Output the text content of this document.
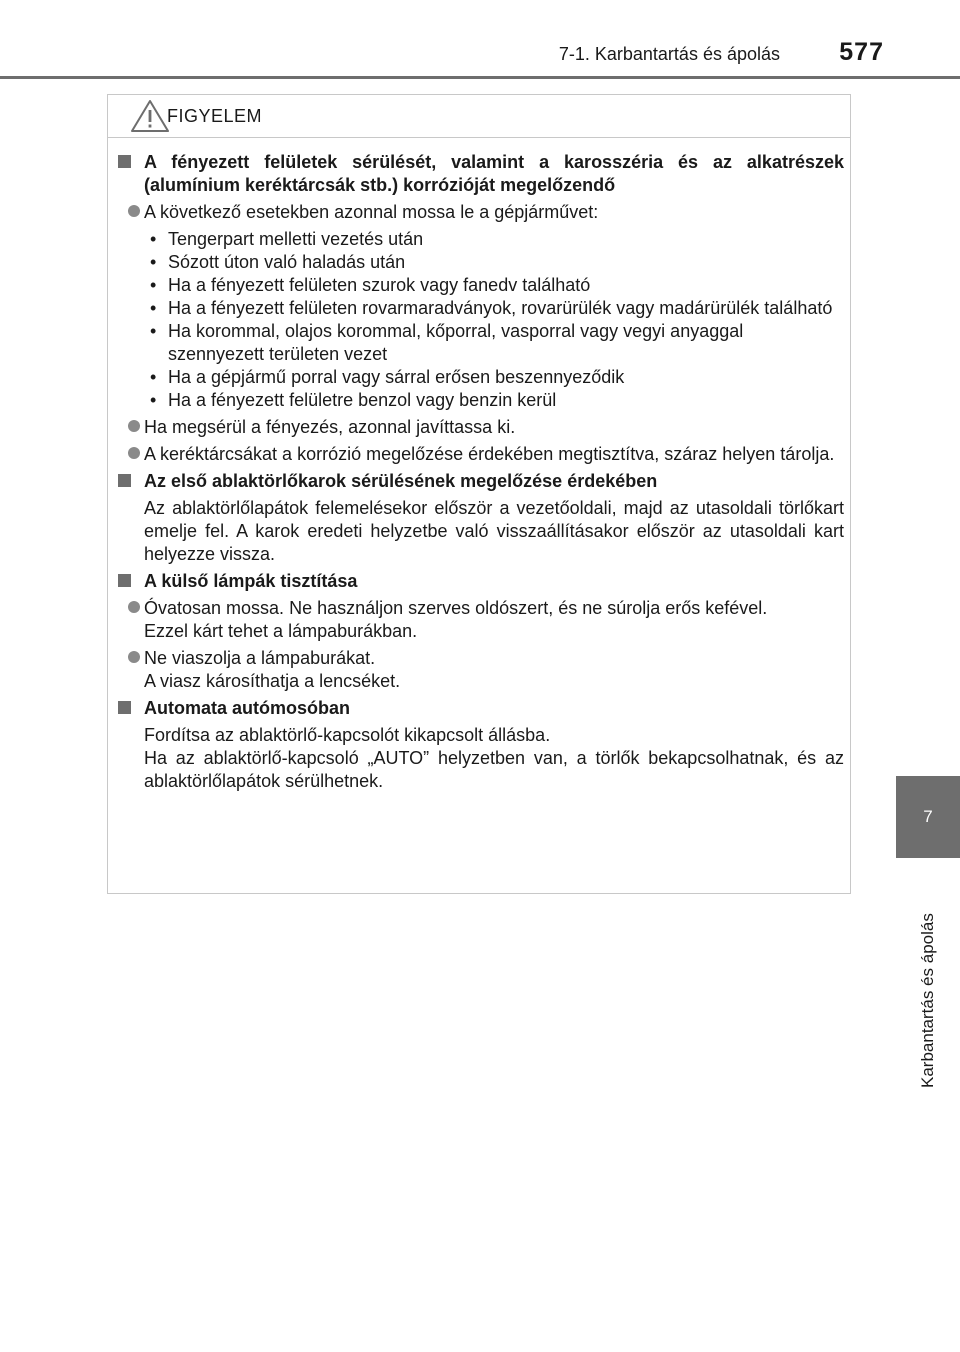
7-1. Karbantartás és ápolás 577
7
Karbantartás és ápolás
FIGYELEM
A fényezett felületek sérülését, valamint a karosszéria és az alkatrészek (alumínium keréktárcsák stb.) korrózióját megelőzendő
A következő esetekben azonnal mossa le a gépjárművet:
• Tengerpart melletti vezetés után
• Sózott úton való haladás után
• Ha a fényezett felületen szurok vagy fanedv található
• Ha a fényezett felületen rovarmaradványok, rovarürülék vagy madárürülék található
• Ha korommal, olajos korommal, kőporral, vasporral vagy vegyi anyaggal szennyezett területen vezet
• Ha a gépjármű porral vagy sárral erősen beszennyeződik
• Ha a fényezett felületre benzol vagy benzin kerül
Ha megsérül a fényezés, azonnal javíttassa ki.
A keréktárcsákat a korrózió megelőzése érdekében megtisztítva, száraz helyen tárolja.
Az első ablaktörlőkarok sérülésének megelőzése érdekében
Az ablaktörlőlapátok felemelésekor először a vezetőoldali, majd az utasoldali törlőkart emelje fel. A karok eredeti helyzetbe való visszaállításakor először az utasoldali kart helyezze vissza.
A külső lámpák tisztítása
Óvatosan mossa. Ne használjon szerves oldószert, és ne súrolja erős kefével.
Ezzel kárt tehet a lámpaburákban.
Ne viaszolja a lámpaburákat.
A viasz károsíthatja a lencséket.
Automata autómosóban
Fordítsa az ablaktörlő-kapcsolót kikapcsolt állásba.
Ha az ablaktörlő-kapcsoló „AUTO” helyzetben van, a törlők bekapcsolhatnak, és az ablaktörlőlapátok sérülhetnek.
